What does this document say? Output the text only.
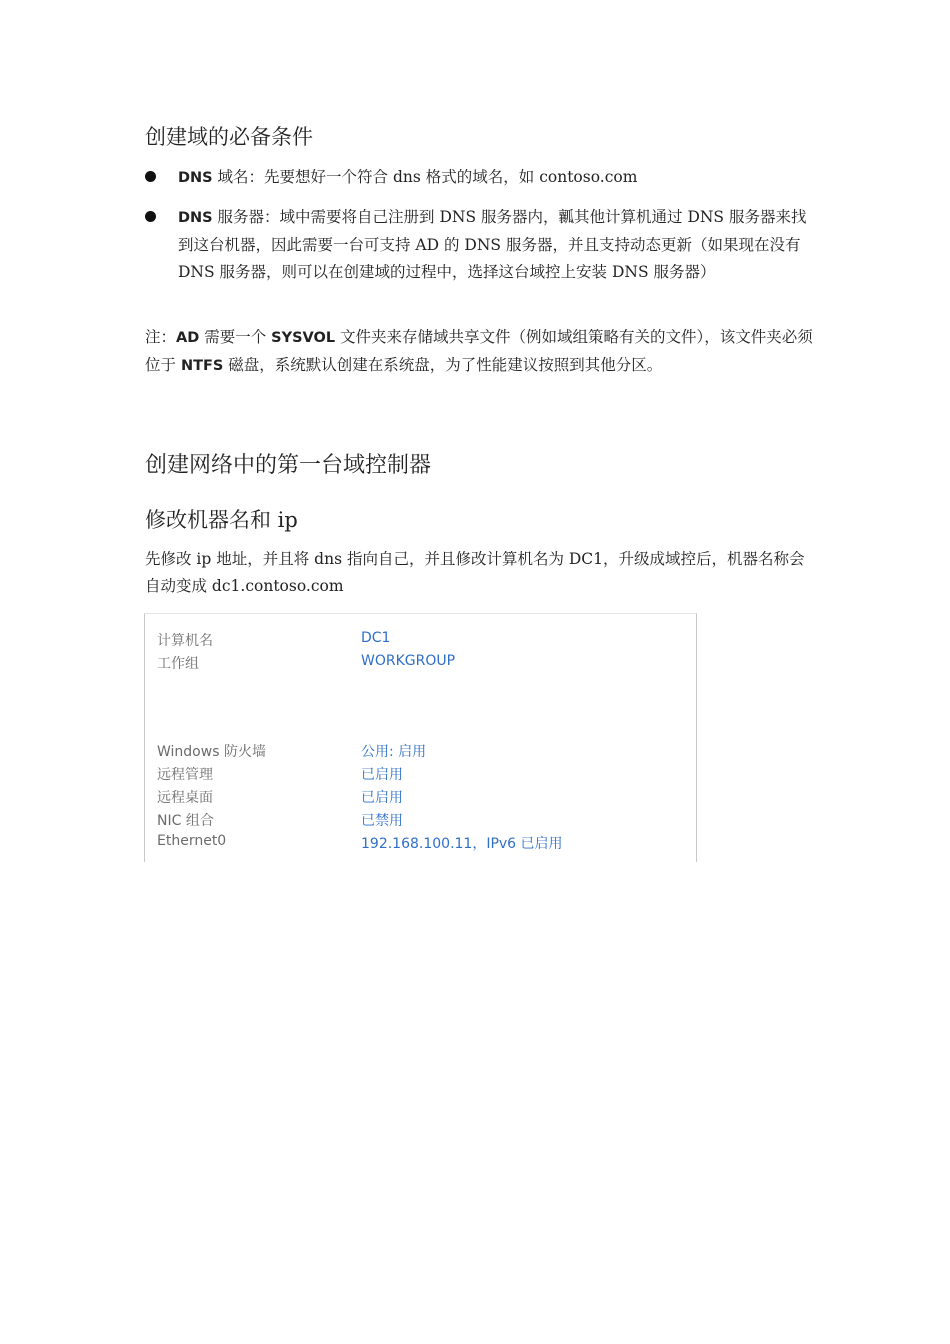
创建域的必备条件

DNS 域名：先要想好一个符合 dns 格式的域名，如 contoso.com

DNS 服务器：域中需要将自己注册到 DNS 服务器内，瓤其他计算机通过 DNS 服务器来找到这台机器，因此需要一台可支持 AD 的 DNS 服务器，并且支持动态更新（如果现在没有 DNS 服务器，则可以在创建域的过程中，选择这台域控上安装 DNS 服务器）

注：AD 需要一个 SYSVOL 文件夹来存储域共享文件（例如域组策略有关的文件），该文件夹必须位于 NTFS 磁盘，系统默认创建在系统盘，为了性能建议按照到其他分区。

创建网络中的第一台域控制器
修改机器名和 ip

先修改 ip 地址，并且将 dns 指向自己，并且修改计算机名为 DC1，升级成域控后，机器名称会自动变成 dc1.contoso.com

计算机名	DC1
工作组	WORKGROUP
Windows 防火墙	公用: 启用
远程管理	已启用
远程桌面	已启用
NIC 组合	已禁用
Ethernet0	192.168.100.11，IPv6 已启用
